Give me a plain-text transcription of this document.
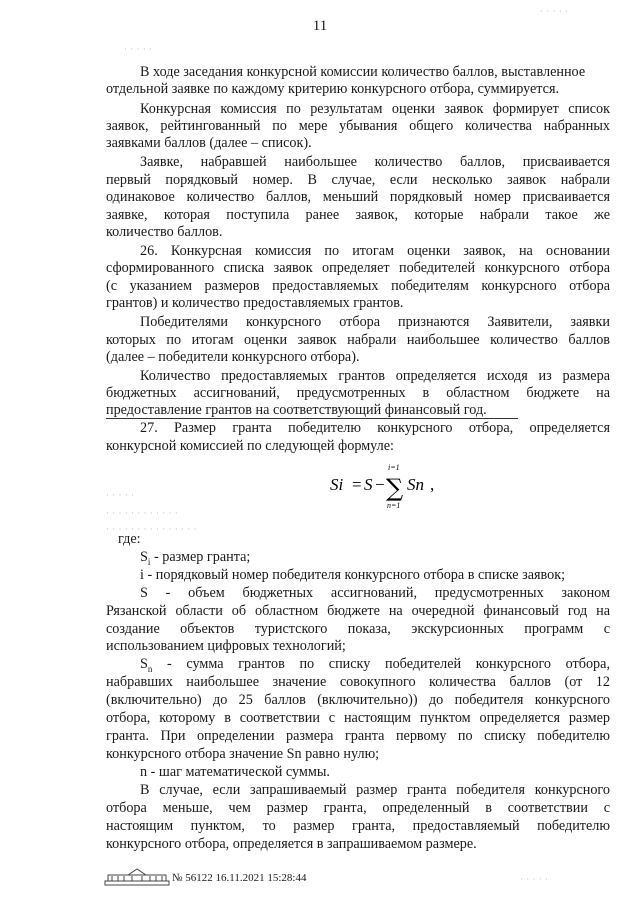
11
· · · · ·
· · · · ·
· · · · ·
· · · · · · · · · · · ·
· · · · · · · · · · · · · · ·
· · · · ·
В ходе заседания конкурсной комиссии количество баллов, выставленное
отдельной заявке по каждому критерию конкурсного отбора, суммируется.
Конкурсная комиссия по результатам оценки заявок формирует список
заявок, рейтингованный по мере убывания общего количества набранных
заявками баллов (далее – список).
Заявке, набравшей наибольшее количество баллов, присваивается
первый порядковый номер. В случае, если несколько заявок набрали
одинаковое количество баллов, меньший порядковый номер присваивается
заявке, которая поступила ранее заявок, которые набрали такое же
количество баллов.
26. Конкурсная комиссия по итогам оценки заявок, на основании
сформированного списка заявок определяет победителей конкурсного отбора
(с указанием размеров предоставляемых победителям конкурсного отбора
грантов) и количество предоставляемых грантов.
Победителями конкурсного отбора признаются Заявители, заявки
которых по итогам оценки заявок набрали наибольшее количество баллов
(далее – победители конкурсного отбора).
Количество предоставляемых грантов определяется исходя из размера
бюджетных ассигнований, предусмотренных в областном бюджете на
предоставление грантов на соответствующий финансовый год.
27. Размер гранта победителю конкурсного отбора, определяется
конкурсной комиссией по следующей формуле:
Si = S − ∑
i=1
n=1
Sn ,
где:
$S_i$ - размер гранта;
i - порядковый номер победителя конкурсного отбора в списке заявок;
S - объем бюджетных ассигнований, предусмотренных законом
Рязанской области об областном бюджете на очередной финансовый год на
создание объектов туристского показа, экскурсионных программ с
использованием цифровых технологий;
$S_n$ - сумма грантов по списку победителей конкурсного отбора,
набравших наибольшее значение совокупного количества баллов (от 12
(включительно) до 25 баллов (включительно)) до победителя конкурсного
отбора, которому в соответствии с настоящим пунктом определяется размер
гранта. При определении размера гранта первому по списку победителю
конкурсного отбора значение Sn равно нулю;
n - шаг математической суммы.
В случае, если запрашиваемый размер гранта победителя конкурсного
отбора меньше, чем размер гранта, определенный в соответствии с
настоящим пунктом, то размер гранта, предоставляемый победителю
конкурсного отбора, определяется в запрашиваемом размере.
№ 56122 16.11.2021 15:28:44
